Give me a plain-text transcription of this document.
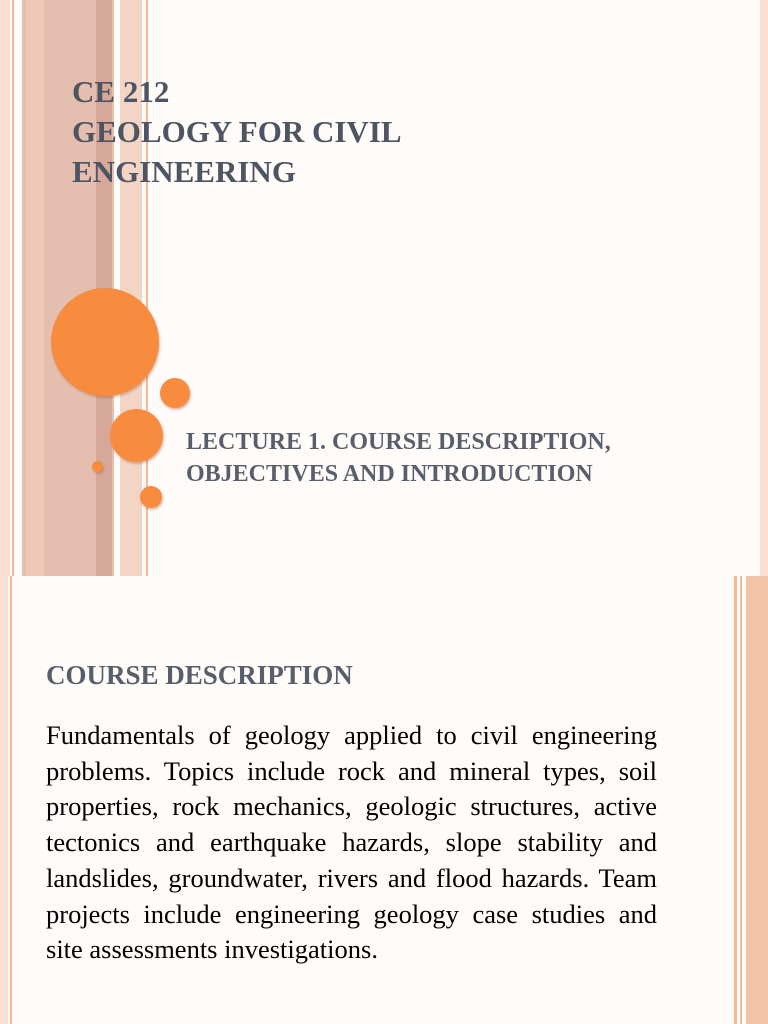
CE 212
GEOLOGY FOR CIVIL
ENGINEERING
LECTURE 1. COURSE DESCRIPTION,
OBJECTIVES AND INTRODUCTION
COURSE DESCRIPTION
Fundamentals of geology applied to civil engineering problems. Topics include rock and mineral types, soil properties, rock mechanics, geologic structures, active tectonics and earthquake hazards, slope stability and landslides, groundwater, rivers and flood hazards. Team projects include engineering geology case studies and site assessments investigations.
